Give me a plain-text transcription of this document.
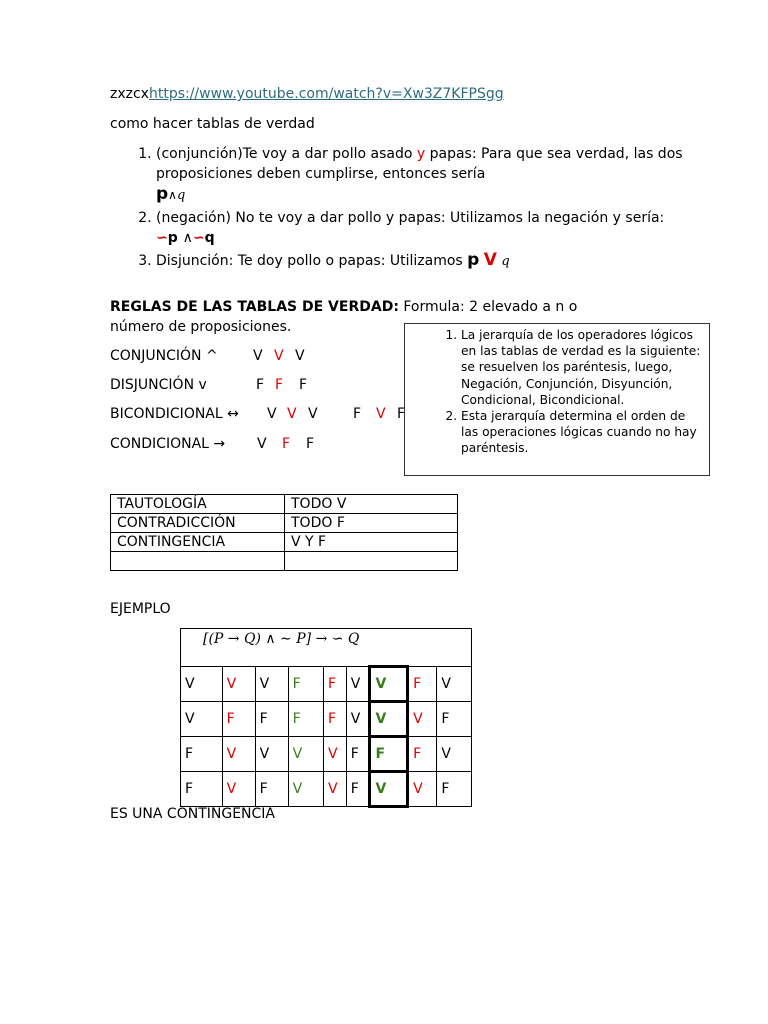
zxzcxhttps://www.youtube.com/watch?v=Xw3Z7KFPSgg
como hacer tablas de verdad
1. (conjunción)Te voy a dar pollo asado y papas: Para que sea verdad, las dos proposiciones deben cumplirse, entonces sería
p∧q
2. (negación) No te voy a dar pollo y papas: Utilizamos la negación y sería:
∽p ∧∽q
3. Disjunción: Te doy pollo o papas: Utilizamos p V q
REGLAS DE LAS TABLAS DE VERDAD: Formula: 2 elevado a n o
número de proposiciones.
CONJUNCIÓN ^	V V V
DISJUNCIÓN v	F F F
BICONDICIONAL ↔ V V V	F V F
CONDICIONAL → V F F
1. La jerarquía de los operadores lógicos en las tablas de verdad es la siguiente: se resuelven los paréntesis, luego, Negación, Conjunción, Disyunción, Condicional, Bicondicional.
2. Esta jerarquía determina el orden de las operaciones lógicas cuando no hay paréntesis.
TAUTOLOGÍA	TODO V
CONTRADICCIÓN	TODO F
CONTINGENCIA	V Y F

EJEMPLO
[(P → Q) ∧ ∼ P] → ∽ Q								
V	V	V	F	F	V	V	F	V
V	F	F	F	F	V	V	V	F
F	V	V	V	V	F	F	F	V
F	V	F	V	V	F	V	V	F
ES UNA CONTINGENCIA
